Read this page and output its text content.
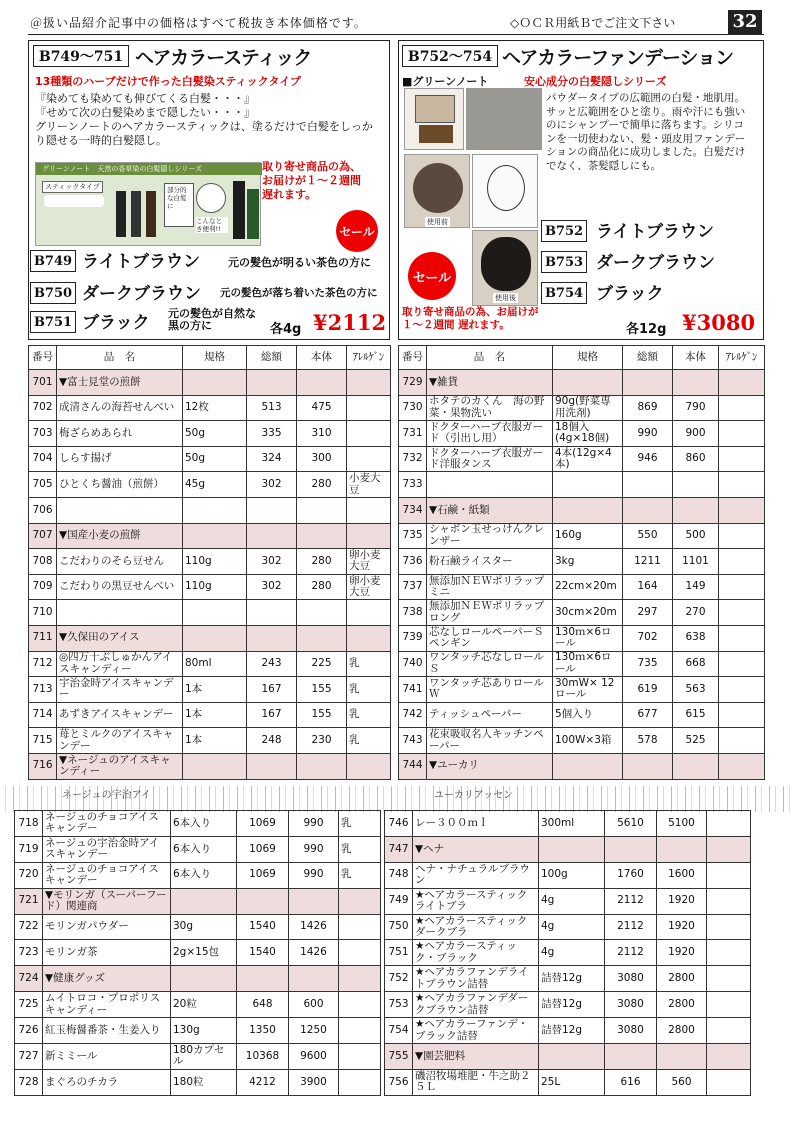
＠扱い品紹介記事中の価格はすべて税抜き本体価格です。	◇ＯＣＲ用紙Ｂでご注文下さい	32
B749～751 ヘアカラースティック
13種類のハーブだけで作った白髪染スティックタイプ
『染めても染めても伸びてくる白髪・・・』
『せめて次の白髪染めまで隠したい・・・』
グリーンノートのヘアカラースティックは、塗るだけで白髪をしっか
り隠せる一時的白髪隠し。
グリーンノート　天然の香草染の白髪隠しシリーズ
スティックタイプ	部分的な白髪に
こんなとき便利!!
取り寄せ商品の為、
お届けが１～２週間
遅れます。
セール
B749 ライトブラウン	元の髪色が明るい茶色の方に
B750 ダークブラウン 元の髪色が落ち着いた茶色の方に
B751 ブラック 元の髪色が自然な黒の方に	各4g ¥2112
B752～754 ヘアカラーファンデーション
■グリーンノート	安心成分の白髪隠しシリーズ
パウダータイプの広範囲の白髪・地肌用。
サッと広範囲をひと塗り。雨や汗にも強い
のにシャンプーで簡単に落ちます。シリコ
ンを一切使わない、髪・頭皮用ファンデー
ションの商品化に成功しました。白髪だけ
でなく、茶髪隠しにも。
使用前
使用後
セール
取り寄せ商品の為、お届けが
１～２週間 遅れます。
B752 ライトブラウン
B753 ダークブラウン
B754 ブラック
各12g ¥3080
番号	品　名	規格	総額	本体	ｱﾚﾙｹﾞﾝ
701	▼富士見堂の煎餅				
702	成清さんの海苔せんべい	12枚	513	475	
703	梅ざらめあられ	50g	335	310	
704	しらす揚げ	50g	324	300	
705	ひとくち醤油（煎餅）	45g	302	280	小麦大豆
706					
707	▼国産小麦の煎餅				
708	こだわりのそら豆せん	110g	302	280	卵小麦大豆
709	こだわりの黒豆せんべい	110g	302	280	卵小麦大豆
710					
711	▼久保田のアイス				
712	◎四万十ぶしゅかんアイスキャンディー	80ml	243	225	乳
713	宇治金時アイスキャンデー	1本	167	155	乳
714	あずきアイスキャンデー	1本	167	155	乳
715	苺とミルクのアイスキャンデー	1本	248	230	乳
716	▼ネージュのアイスキャンディー				
番号	品　名	規格	総額	本体	ｱﾚﾙｹﾞﾝ
729	▼雑貨				
730	ホタテのカくん　海の野菜・果物洗い	90g(野菜専用洗剤)	869	790	
731	ドクターハーブ衣服ガード（引出し用）	18個入(4g×18個)	990	900	
732	ドクターハーブ衣服ガード洋服タンス	4本(12g×4本)	946	860	
733					
734	▼石鹸・紙類				
735	シャボン玉せっけんクレンザー	160g	550	500	
736	粉石鹸ライスター	3kg	1211	1101	
737	無添加ＮＥＷポリラップミニ	22cm×20m	164	149	
738	無添加ＮＥＷポリラップロング	30cm×20m	297	270	
739	芯なしロールペーパーＳ　ペンギン	130ｍ×6ロール	702	638	
740	ワンタッチ芯なしロールＳ	130ｍ×6ロール	735	668	
741	ワンタッチ芯ありロールＷ	30mW× 12ロール	619	563	
742	ティッシュペーパー	5個入り	677	615	
743	花束吸収名人キッチンペーパー	100W×3箱	578	525	
744	▼ユーカリ				
ネージュの宇治アイ	ユーカリアッセン
718	ネージュのチョコアイスキャンデー	6本入り	1069	990	乳
719	ネージュの宇治金時アイスキャンデー	6本入り	1069	990	乳
720	ネージュのチョコアイスキャンデー	6本入り	1069	990	乳
721	▼モリンガ（スーパーフード）関連商				
722	モリンガパウダー	30g	1540	1426	
723	モリンガ茶	2g×15包	1540	1426	
724	▼健康グッズ				
725	ムイトロコ・プロポリスキャンディー	20粒	648	600	
726	紅玉梅醤番茶・生姜入り	130g	1350	1250	
727	新ミミール	180カプセル	10368	9600	
728	まぐろのチカラ	180粒	4212	3900	
746	レー３００ｍｌ	300ml	5610	5100	
747	▼ヘナ				
748	ヘナ・ナチュラルブラウン	100g	1760	1600	
749	★ヘアカラースティックライトブラ	4g	2112	1920	
750	★ヘアカラースティックダークブラ	4g	2112	1920	
751	★ヘアカラースティック・ブラック	4g	2112	1920	
752	★ヘアカラファンデライトブラウン詰替	詰替12g	3080	2800	
753	★ヘアカラファンデダークブラウン詰替	詰替12g	3080	2800	
754	★ヘアカラーファンデ・ブラック詰替	詰替12g	3080	2800	
755	▼園芸肥料				
756	磯沼牧場堆肥・牛之助２５Ｌ	25L	616	560	
